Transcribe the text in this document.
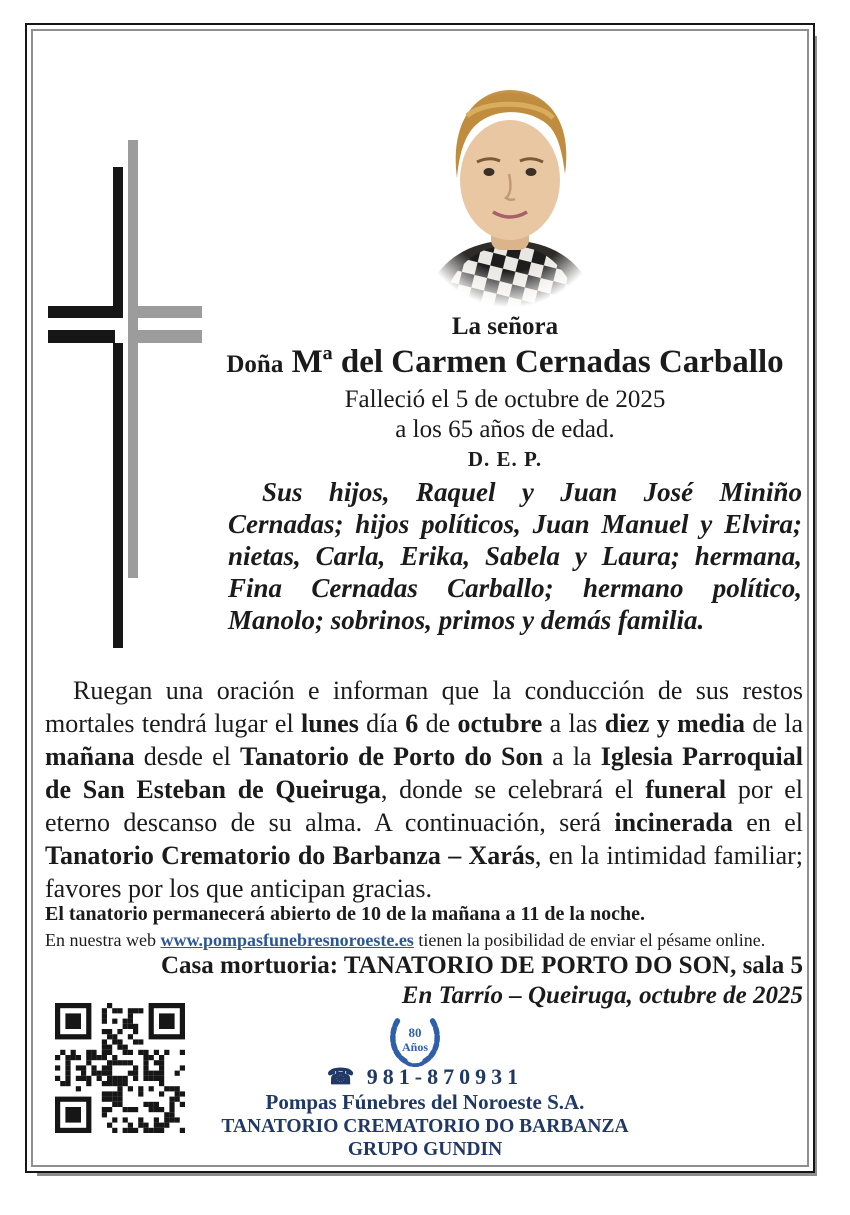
La señora
Doña Mª del Carmen Cernadas Carballo
Falleció el 5 de octubre de 2025
a los 65 años de edad.
D. E. P.

Sus hijos, Raquel y Juan José Miniño Cernadas; hijos políticos, Juan Manuel y Elvira; nietas, Carla, Erika, Sabela y Laura; hermana, Fina Cernadas Carballo; hermano político, Manolo; sobrinos, primos y demás familia.

Ruegan una oración e informan que la conducción de sus restos mortales tendrá lugar el lunes día 6 de octubre a las diez y media de la mañana desde el Tanatorio de Porto do Son a la Iglesia Parroquial de San Esteban de Queiruga, donde se celebrará el funeral por el eterno descanso de su alma. A continuación, será incinerada en el Tanatorio Crematorio do Barbanza – Xarás, en la intimidad familiar; favores por los que anticipan gracias.

El tanatorio permanecerá abierto de 10 de la mañana a 11 de la noche.
En nuestra web www.pompasfunebresnoroeste.es tienen la posibilidad de enviar el pésame online.
Casa mortuoria: TANATORIO DE PORTO DO SON, sala 5
En Tarrío – Queiruga, octubre de 2025
80
Años
☎ 981-870931
Pompas Fúnebres del Noroeste S.A.
TANATORIO CREMATORIO DO BARBANZA
GRUPO GUNDIN
